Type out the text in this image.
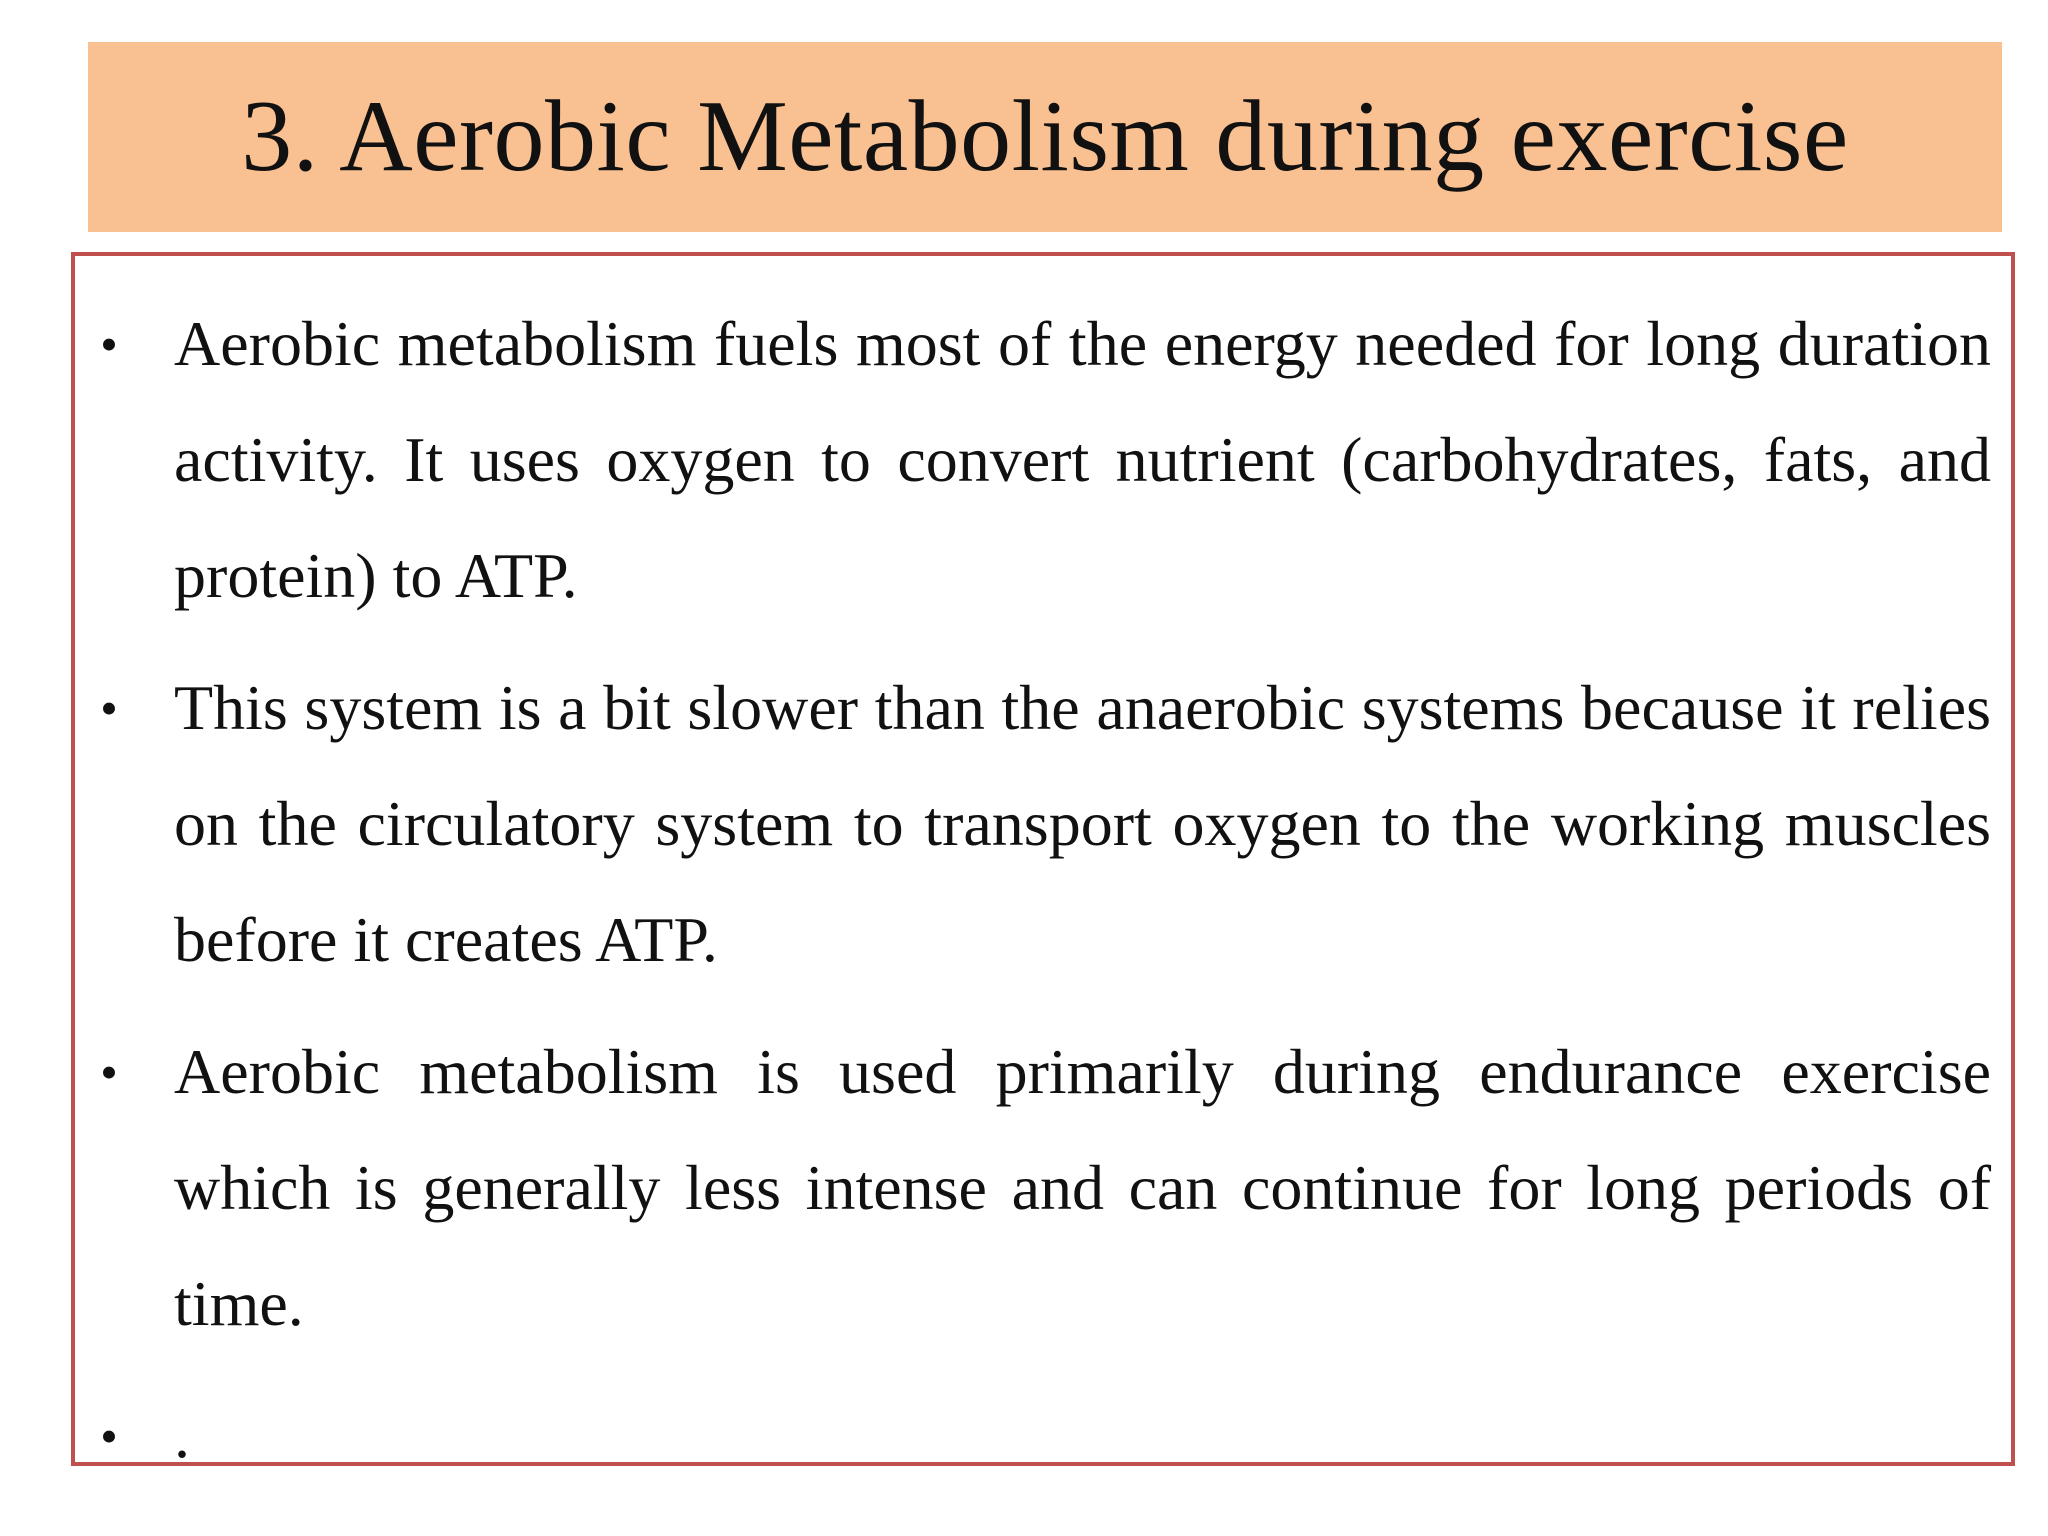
3. Aerobic Metabolism during exercise
• Aerobic metabolism fuels most of the energy needed for long duration activity. It uses oxygen to convert nutrient (carbohydrates, fats, and protein) to ATP.
• This system is a bit slower than the anaerobic systems because it relies on the circulatory system to transport oxygen to the working muscles before it creates ATP.
• Aerobic metabolism is used primarily during endurance exercise which is generally less intense and can continue for long periods of time.
• .
